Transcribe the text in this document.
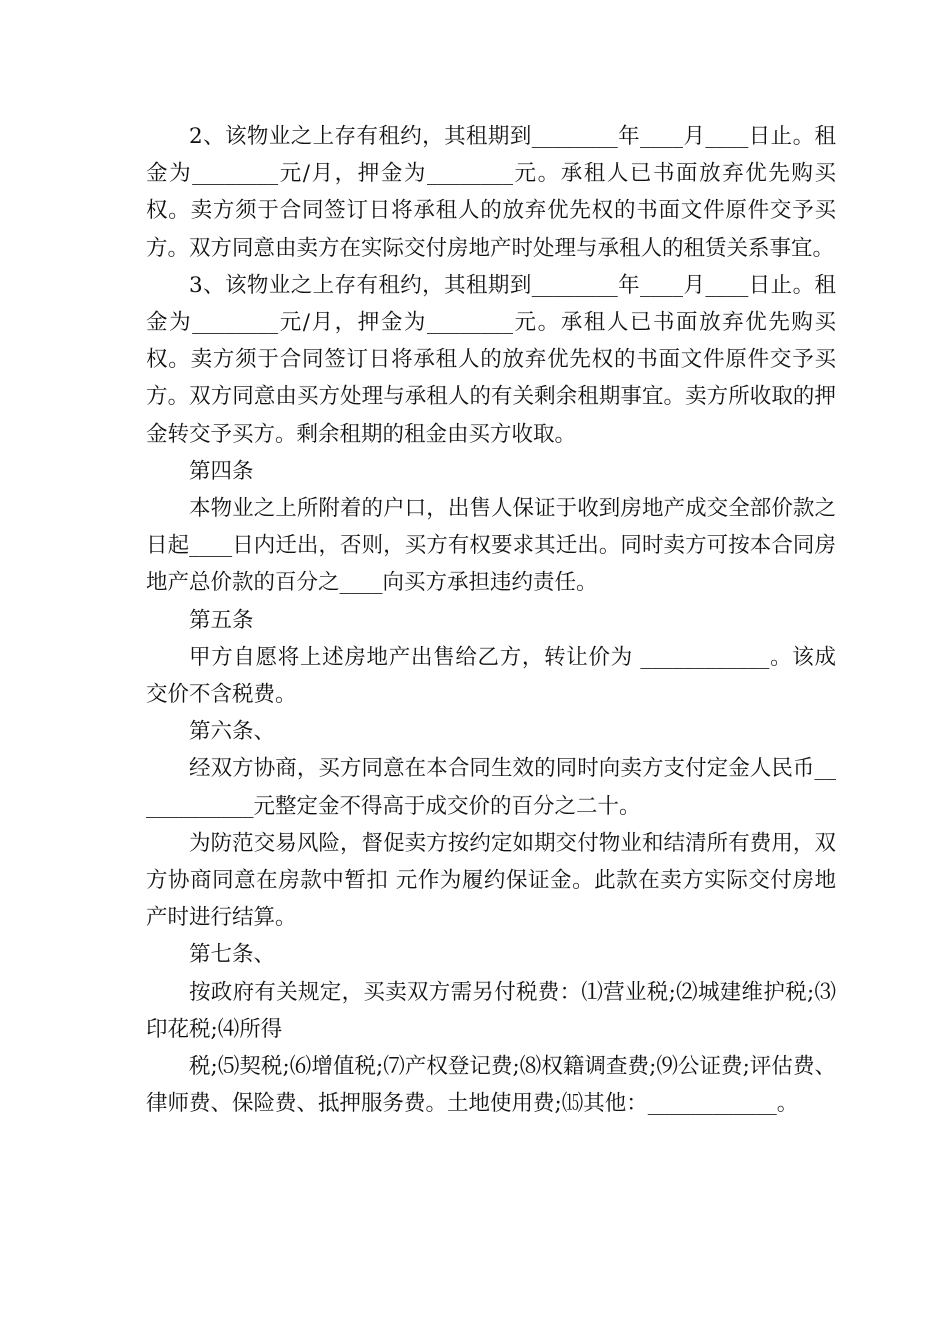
2、该物业之上存有租约，其租期到________年____月____日止。租金为________元/月，押金为________元。承租人已书面放弃优先购买权。卖方须于合同签订日将承租人的放弃优先权的书面文件原件交予买方。双方同意由卖方在实际交付房地产时处理与承租人的租赁关系事宜。

3、该物业之上存有租约，其租期到________年____月____日止。租金为________元/月，押金为________元。承租人已书面放弃优先购买权。卖方须于合同签订日将承租人的放弃优先权的书面文件原件交予买方。双方同意由买方处理与承租人的有关剩余租期事宜。卖方所收取的押金转交予买方。剩余租期的租金由买方收取。

第四条

本物业之上所附着的户口，出售人保证于收到房地产成交全部价款之日起____日内迁出，否则，买方有权要求其迁出。同时卖方可按本合同房地产总价款的百分之____向买方承担违约责任。

第五条

甲方自愿将上述房地产出售给乙方，转让价为 ____________。该成交价不含税费。

第六条、

经双方协商，买方同意在本合同生效的同时向卖方支付定金人民币____________元整定金不得高于成交价的百分之二十。

为防范交易风险，督促卖方按约定如期交付物业和结清所有费用，双方协商同意在房款中暂扣 元作为履约保证金。此款在卖方实际交付房地产时进行结算。

第七条、

按政府有关规定，买卖双方需另付税费：⑴营业税;⑵城建维护税;⑶印花税;⑷所得

税;⑸契税;⑹增值税;⑺产权登记费;⑻权籍调查费;⑼公证费;评估费、律师费、保险费、抵押服务费。土地使用费;⒂其他：____________。
